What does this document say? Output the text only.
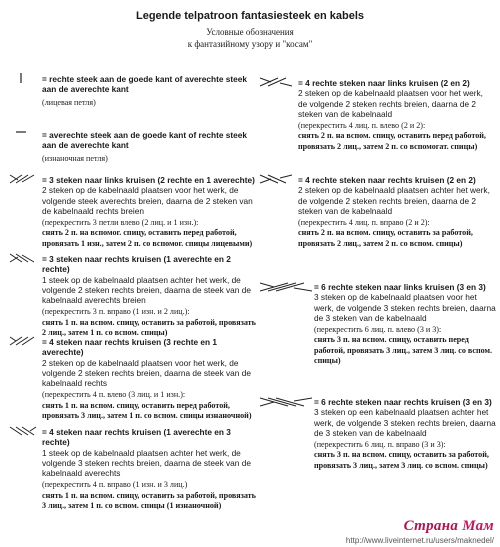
Legende telpatroon fantasiesteek en kabels
Условные обозначения
к фантазийному узору и "косам"
= rechte steek aan de goede kant of averechte steek aan de averechte kant
(лицевая петля)
= averechte steek aan de goede kant of rechte steek aan de averechte kant
(изнаночная петля)
= 3 steken naar links kruisen (2 rechte en 1 averechte)
2 steken op de kabelnaald plaatsen voor het werk, de volgende steek averechts breien, daarna de 2 steken van de kabelnaald rechts breien
(перекрестить 3 петли влево (2 лиц. и 1 изн.):
снять 2 п. на вспомог. спицу, оставить перед работой, провязать 1 изн., затем 2 п. со вспомог. спицы лицевыми)
= 3 steken naar rechts kruisen (1 averechte en 2 rechte)
1 steek op de kabelnaald plaatsen achter het werk, de volgende 2 steken rechts breien, daarna de steek van de kabelnaald averechts breien
(перекрестить 3 п. вправо (1 изн. и 2 лиц.):
снять 1 п. на вспом. спицу, оставить за работой, провязать 2 лиц., затем 1 п. со вспом. спицы)
= 4 steken naar rechts kruisen (3 rechte en 1 averechte)
2 steken op de kabelnaald plaatsen voor het werk, de volgende 2 steken rechts breien, daarna de steek van de kabelnaald rechts
(перекрестить 4 п. влево (3 лиц. и 1 изн.):
снять 1 п. на вспом. спицу, оставить перед работой, провязать 3 лиц., затем 1 п. со вспом. спицы изнаночной)
= 4 steken naar rechts kruisen (1 averechte en 3 rechte)
1 steek op de kabelnaald plaatsen achter het werk, de volgende 3 steken rechts breien, daarna de steek van de kabelnaald averechts
(перекрестить 4 п. вправо (1 изн. и 3 лиц.)
снять 1 п. на вспом. спицу, оставить за работой, провязать 3 лиц., затем 1 п. со вспом. спицы (1 изнаночной)
= 4 rechte steken naar links kruisen (2 en 2)
2 steken op de kabelnaald plaatsen voor het werk, de volgende 2 steken rechts breien, daarna de 2 steken van de kabelnaald
(перекрестить 4 лиц. п. влево (2 и 2):
снять 2 п. на вспом. спицу, оставить перед работой, провязать 2 лиц., затем 2 п. со вспомогат. спицы)
= 4 rechte steken naar rechts kruisen (2 en 2)
2 steken op de kabelnaald plaatsen achter het werk, de volgende 2 steken rechts breien, daarna de 2 steken van de kabelnaald
(перекрестить 4 лиц. п. вправо (2 и 2):
снять 2 п. на вспом. спицу, оставить за работой, провязать 2 лиц., затем 2 п. со вспом. спицы)
= 6 rechte steken naar links kruisen (3 en 3)
3 steken op de kabelnaald plaatsen voor het werk, de volgende 3 steken rechts breien, daarna de 3 steken van de kabelnaald
(перекрестить 6 лиц. п. влево (3 и 3):
снять 3 п. на вспом. спицу, оставить перед работой, провязать 3 лиц., затем 3 лиц. со вспом. спицы)
= 6 rechte steken naar rechts kruisen (3 en 3)
3 steken op een kabelnaald plaatsen achter het werk, de volgende 3 steken rechts breien, daarna de 3 steken van de kabelnaald
(перекрестить 6 лиц. п. вправо (3 и 3):
снять 3 п. на вспом. спицу, оставить за работой, провязать 3 лиц., затем 3 лиц. со вспом. спицы)
Страна Мам
http://www.liveinternet.ru/users/maknedel/
